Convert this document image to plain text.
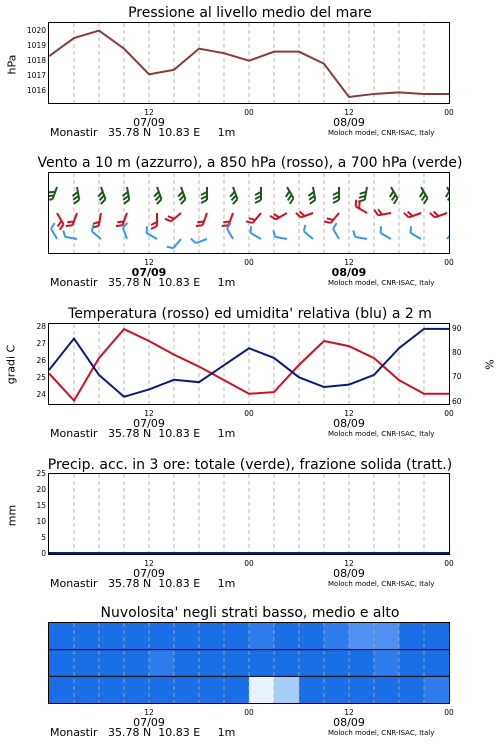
Pressione al livello medio del mare
hPa
1020
1019
1018
1017
1016
12	00	12	00
07/09	08/09
Monastir   35.78 N  10.83 E     1m	Moloch model, CNR-ISAC, Italy
Vento a 10 m (azzurro), a 850 hPa (rosso), a 700 hPa (verde)
12	00	12	00
07/09	08/09
Monastir   35.78 N  10.83 E     1m	Moloch model, CNR-ISAC, Italy
Temperatura (rosso) ed umidita' relativa (blu) a 2 m
gradi C	%
28
27
26
25
24
90
80
70
60
12	00	12	00
07/09	08/09
Monastir   35.78 N  10.83 E     1m	Moloch model, CNR-ISAC, Italy
Precip. acc. in 3 ore: totale (verde), frazione solida (tratt.)
mm
25
20
15
10
5
0
12	00	12	00
07/09	08/09
Monastir   35.78 N  10.83 E     1m	Moloch model, CNR-ISAC, Italy
Nuvolosita' negli strati basso, medio e alto
12	00	12	00
07/09	08/09
Monastir   35.78 N  10.83 E     1m	Moloch model, CNR-ISAC, Italy
